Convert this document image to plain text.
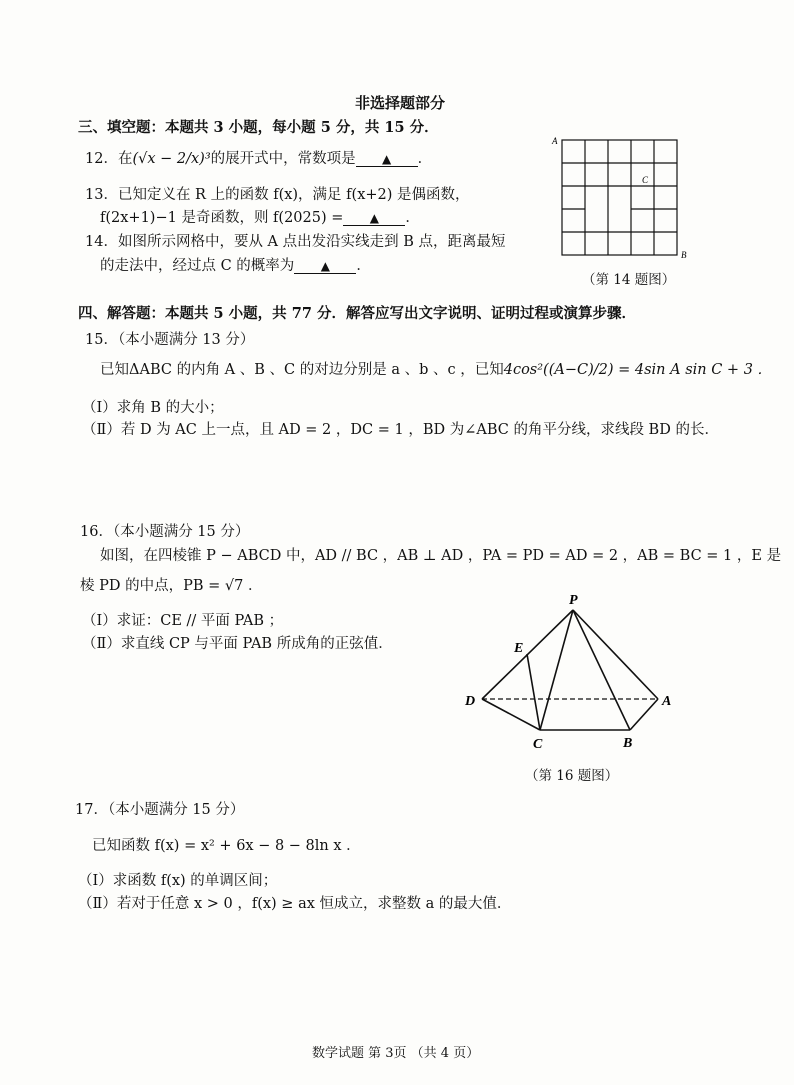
非选择题部分
三、填空题：本题共 3 小题，每小题 5 分，共 15 分．
12．在(√x − 2/x)³的展开式中，常数项是 ▲ ．
13．已知定义在 R 上的函数 f(x)，满足 f(x+2) 是偶函数，
f(2x+1)−1 是奇函数，则 f(2025) = ▲ ．
14．如图所示网格中，要从 A 点出发沿实线走到 B 点，距离最短
的走法中，经过点 C 的概率为 ▲ ．
A
B
C
（第 14 题图）
四、解答题：本题共 5 小题，共 77 分．解答应写出文字说明、证明过程或演算步骤．
15．（本小题满分 13 分）
已知ΔABC 的内角 A 、B 、C 的对边分别是 a 、b 、c ，已知4cos²((A−C)/2) = 4sin A sin C + 3 ．
（Ⅰ）求角 B 的大小；
（Ⅱ）若 D 为 AC 上一点，且 AD = 2 ，DC = 1 ，BD 为∠ABC 的角平分线，求线段 BD 的长．
16．（本小题满分 15 分）
如图，在四棱锥 P − ABCD 中，AD // BC ，AB ⊥ AD ，PA = PD = AD = 2 ，AB = BC = 1 ，E 是
棱 PD 的中点，PB = √7 ．
（Ⅰ）求证：CE // 平面 PAB ；
（Ⅱ）求直线 CP 与平面 PAB 所成角的正弦值．
P
E
D	A
C	B
（第 16 题图）
17．（本小题满分 15 分）
已知函数 f(x) = x² + 6x − 8 − 8ln x ．
（Ⅰ）求函数 f(x) 的单调区间；
（Ⅱ）若对于任意 x > 0 ，f(x) ≥ ax 恒成立，求整数 a 的最大值．
数学试题 第 3页 （共 4 页）
